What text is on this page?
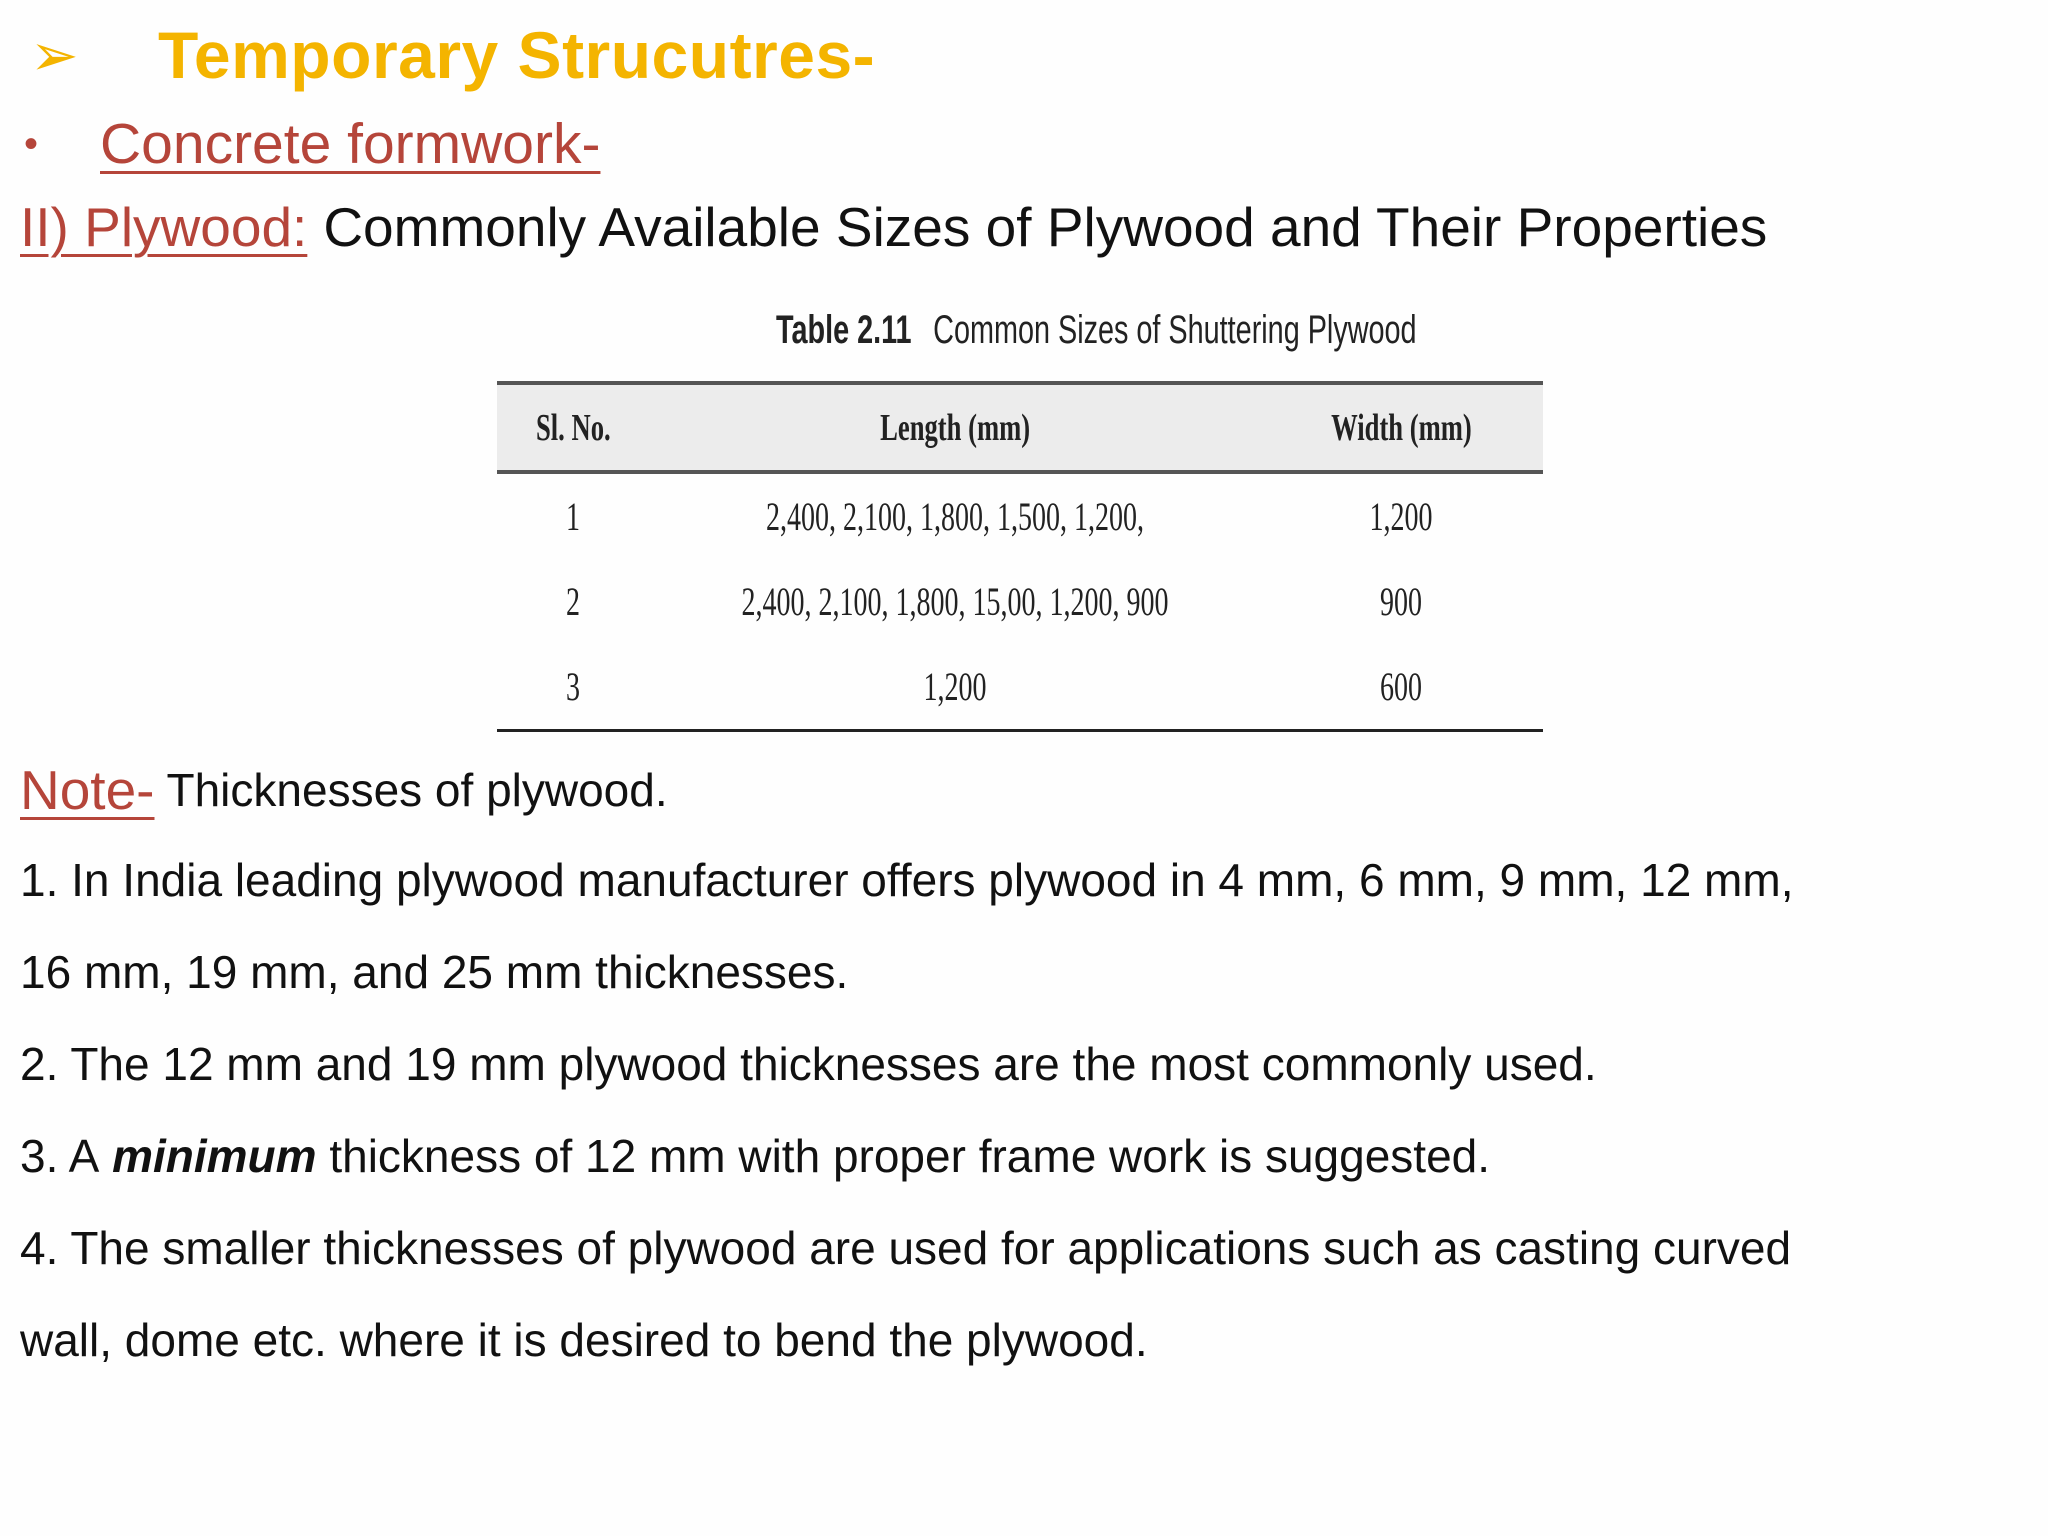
➢	Temporary Strucutres-
•	Concrete formwork-
II) Plywood: Commonly Available Sizes of Plywood and Their Properties
Table 2.11 Common Sizes of Shuttering Plywood
Sl. No.	Length (mm)	Width (mm)
1	2,400, 2,100, 1,800, 1,500, 1,200,	1,200
2	2,400, 2,100, 1,800, 15,00, 1,200, 900	900
3	1,200	600
Note- Thicknesses of plywood.
1. In India leading plywood manufacturer offers plywood in 4 mm, 6 mm, 9 mm, 12 mm,
16 mm, 19 mm, and 25 mm thicknesses.
2. The 12 mm and 19 mm plywood thicknesses are the most commonly used.
3. A
minimum
thickness of 12 mm with proper frame work is suggested.
4. The smaller thicknesses of plywood are used for applications such as casting curved
wall, dome etc. where it is desired to bend the plywood.
